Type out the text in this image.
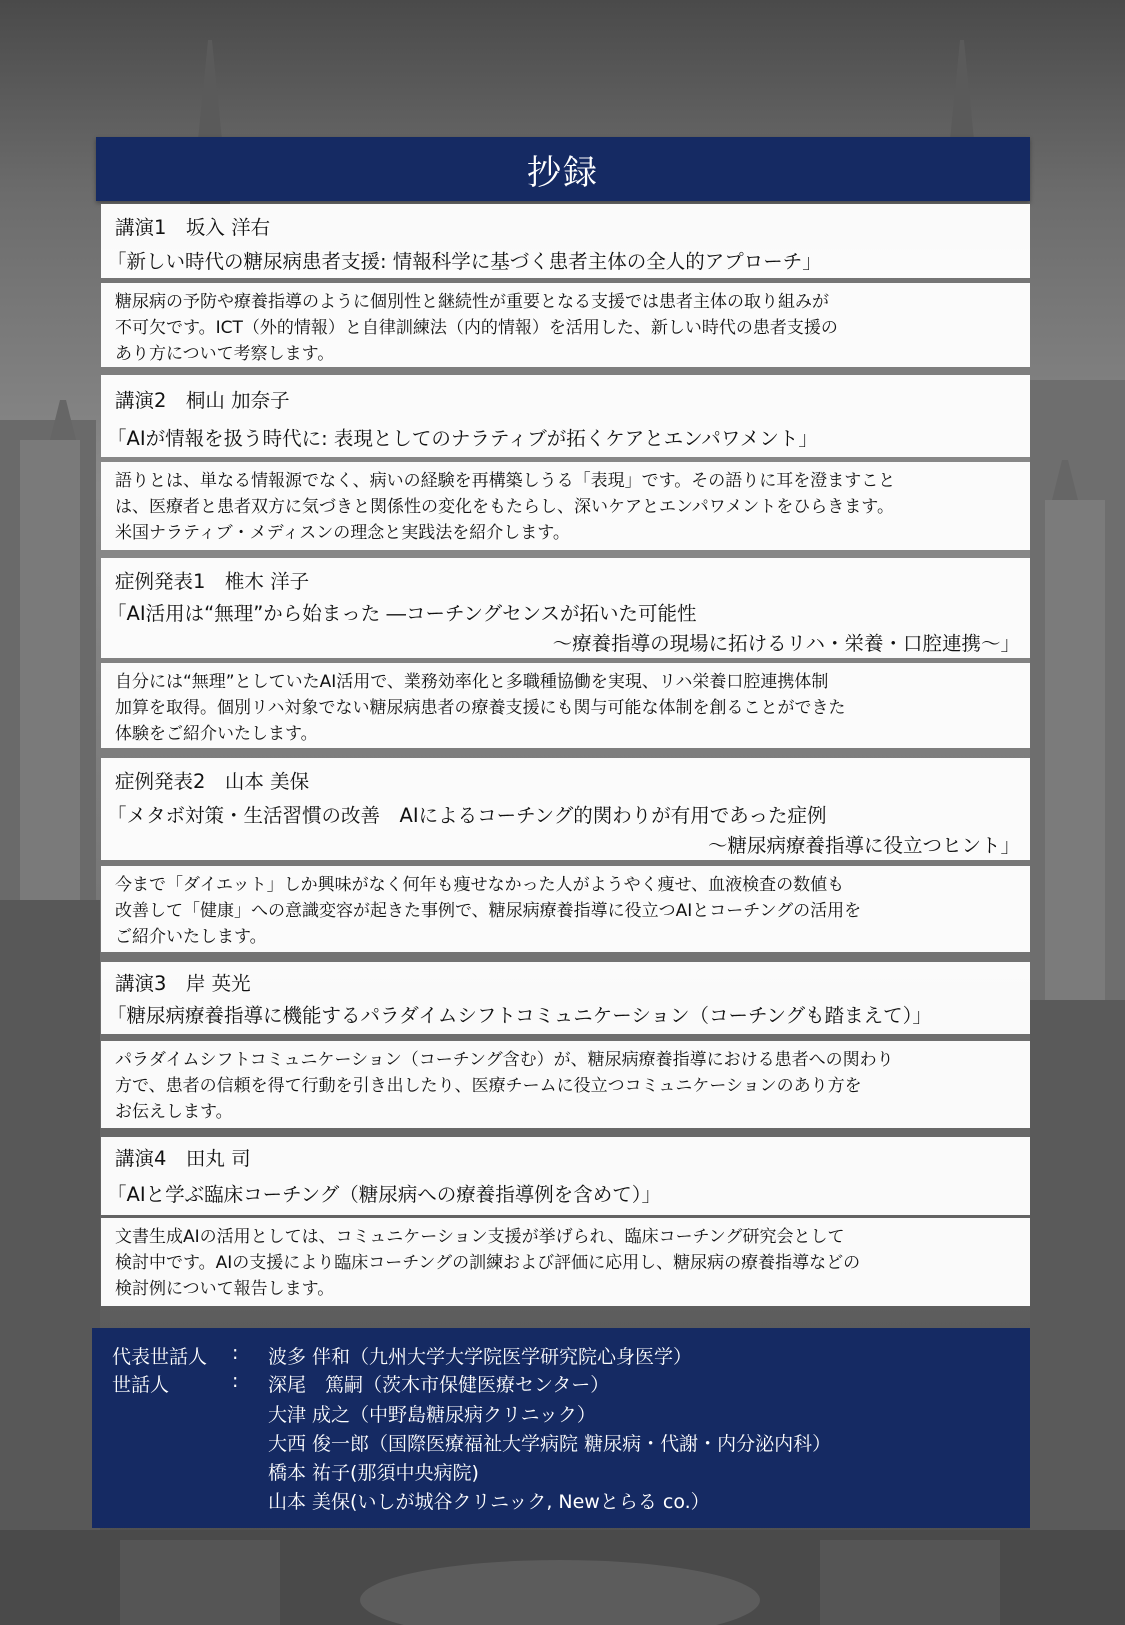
抄録
講演1　坂入 洋右
「新しい時代の糖尿病患者支援: 情報科学に基づく患者主体の全人的アプローチ」
糖尿病の予防や療養指導のように個別性と継続性が重要となる支援では患者主体の取り組みが
不可欠です。ICT（外的情報）と自律訓練法（内的情報）を活用した、新しい時代の患者支援の
あり方について考察します。
講演2　桐山 加奈子
「AIが情報を扱う時代に: 表現としてのナラティブが拓くケアとエンパワメント」
語りとは、単なる情報源でなく、病いの経験を再構築しうる「表現」です。その語りに耳を澄ますこと
は、医療者と患者双方に気づきと関係性の変化をもたらし、深いケアとエンパワメントをひらきます。
米国ナラティブ・メディスンの理念と実践法を紹介します。
症例発表1　椎木 洋子
「AI活用は“無理”から始まった ―コーチングセンスが拓いた可能性
～療養指導の現場に拓けるリハ・栄養・口腔連携～」
自分には“無理”としていたAI活用で、業務効率化と多職種協働を実現、リハ栄養口腔連携体制
加算を取得。個別リハ対象でない糖尿病患者の療養支援にも関与可能な体制を創ることができた
体験をご紹介いたします。
症例発表2　山本 美保
「メタボ対策・生活習慣の改善　AIによるコーチング的関わりが有用であった症例
～糖尿病療養指導に役立つヒント」
今まで「ダイエット」しか興味がなく何年も痩せなかった人がようやく痩せ、血液検査の数値も
改善して「健康」への意識変容が起きた事例で、糖尿病療養指導に役立つAIとコーチングの活用を
ご紹介いたします。
講演3　岸 英光
「糖尿病療養指導に機能するパラダイムシフトコミュニケーション（コーチングも踏まえて）」
パラダイムシフトコミュニケーション（コーチング含む）が、糖尿病療養指導における患者への関わり
方で、患者の信頼を得て行動を引き出したり、医療チームに役立つコミュニケーションのあり方を
お伝えします。
講演4　田丸 司
「AIと学ぶ臨床コーチング（糖尿病への療養指導例を含めて）」
文書生成AIの活用としては、コミュニケーション支援が挙げられ、臨床コーチング研究会として
検討中です。AIの支援により臨床コーチングの訓練および評価に応用し、糖尿病の療養指導などの
検討例について報告します。
代表世話人 : 波多 伴和（九州大学大学院医学研究院心身医学）
世話人	: 深尾　篤嗣（茨木市保健医療センター）
大津 成之（中野島糖尿病クリニック）
大西 俊一郎（国際医療福祉大学病院 糖尿病・代謝・内分泌内科）
橋本 祐子(那須中央病院)
山本 美保(いしが城谷クリニック, Newとらる co.）
